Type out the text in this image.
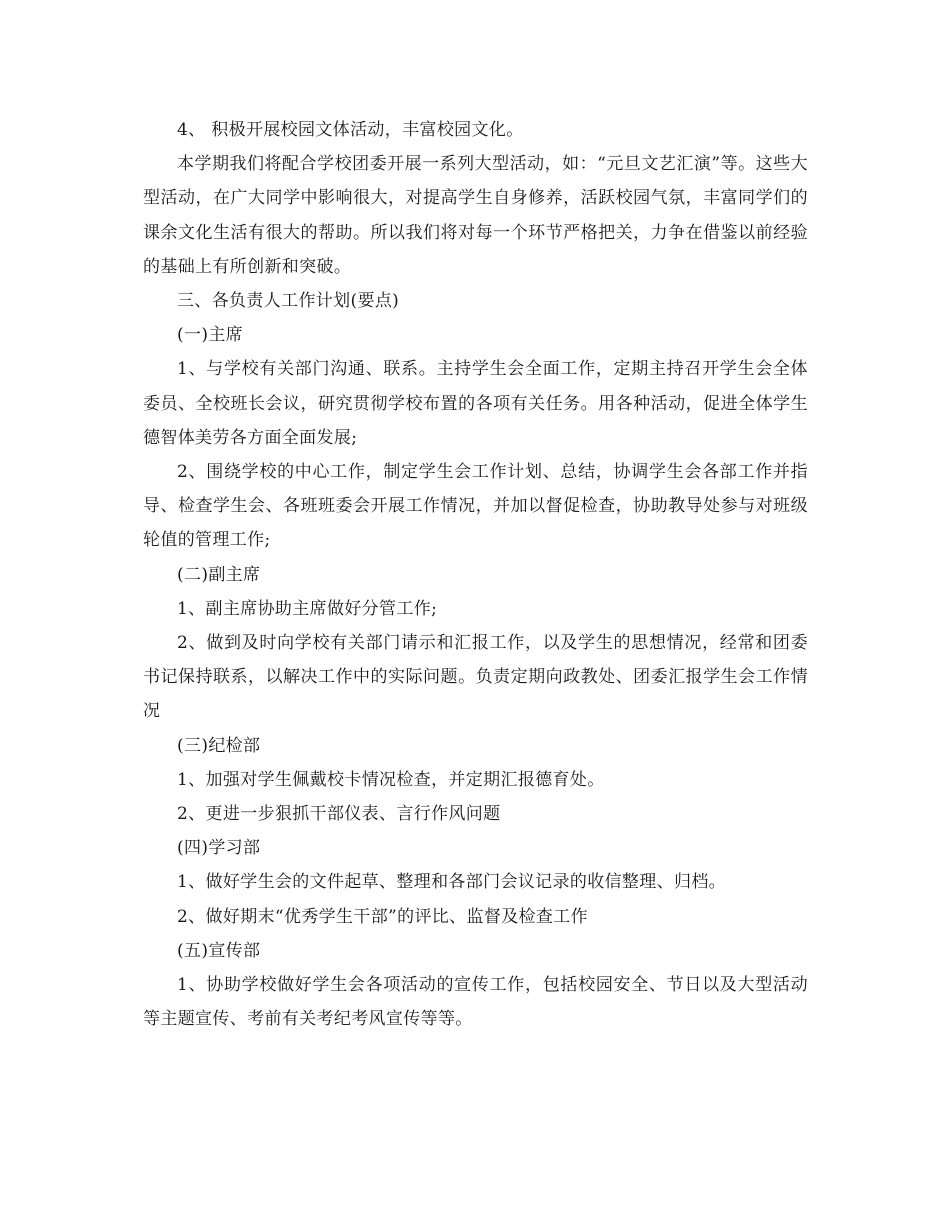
4、 积极开展校园文体活动，丰富校园文化。

本学期我们将配合学校团委开展一系列大型活动，如：“元旦文艺汇演”等。这些大型活动，在广大同学中影响很大，对提高学生自身修养，活跃校园气氛，丰富同学们的课余文化生活有很大的帮助。所以我们将对每一个环节严格把关，力争在借鉴以前经验的基础上有所创新和突破。

三、各负责人工作计划(要点)

(一)主席

1、与学校有关部门沟通、联系。主持学生会全面工作，定期主持召开学生会全体委员、全校班长会议，研究贯彻学校布置的各项有关任务。用各种活动，促进全体学生德智体美劳各方面全面发展;

2、围绕学校的中心工作，制定学生会工作计划、总结，协调学生会各部工作并指导、检查学生会、各班班委会开展工作情况，并加以督促检查，协助教导处参与对班级轮值的管理工作;

(二)副主席

1、副主席协助主席做好分管工作;

2、做到及时向学校有关部门请示和汇报工作，以及学生的思想情况，经常和团委书记保持联系，以解决工作中的实际问题。负责定期向政教处、团委汇报学生会工作情况

(三)纪检部

1、加强对学生佩戴校卡情况检查，并定期汇报德育处。

2、更进一步狠抓干部仪表、言行作风问题

(四)学习部

1、做好学生会的文件起草、整理和各部门会议记录的收信整理、归档。

2、做好期末“优秀学生干部”的评比、监督及检查工作

(五)宣传部

1、协助学校做好学生会各项活动的宣传工作，包括校园安全、节日以及大型活动等主题宣传、考前有关考纪考风宣传等等。
